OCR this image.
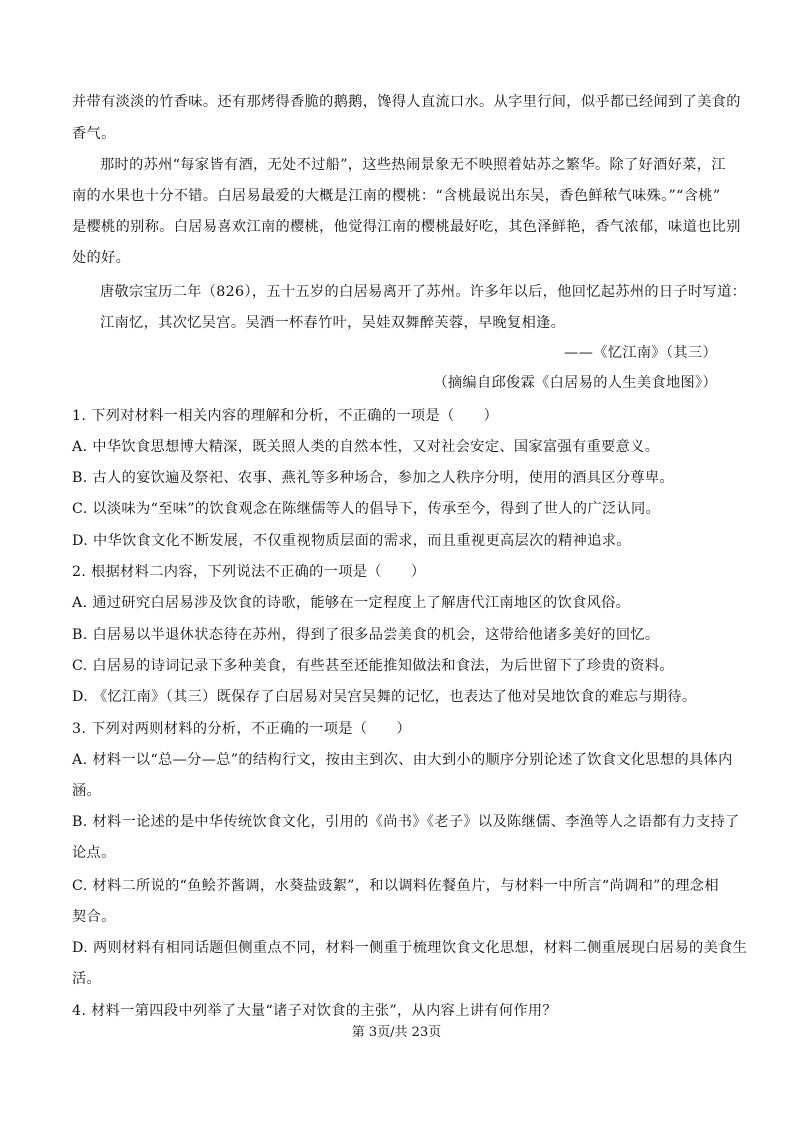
并带有淡淡的竹香味。还有那烤得香脆的鹅鹅，馋得人直流口水。从字里行间，似乎都已经闻到了美食的
香气。
那时的苏州“每家皆有酒，无处不过船”，这些热闹景象无不映照着姑苏之繁华。除了好酒好菜，江
南的水果也十分不错。白居易最爱的大概是江南的樱桃：“含桃最说出东吴，香色鲜秾气味殊。”“含桃”
是樱桃的别称。白居易喜欢江南的樱桃，他觉得江南的樱桃最好吃，其色泽鲜艳，香气浓郁，味道也比别
处的好。
唐敬宗宝历二年（826），五十五岁的白居易离开了苏州。许多年以后，他回忆起苏州的日子时写道：
江南忆，其次忆吴宫。吴酒一杯春竹叶，吴娃双舞醉芙蓉，早晚复相逢。
——《忆江南》（其三）
（摘编自邱俊霖《白居易的人生美食地图》）
1. 下列对材料一相关内容的理解和分析，不正确的一项是（　　）
A. 中华饮食思想博大精深，既关照人类的自然本性，又对社会安定、国家富强有重要意义。
B. 古人的宴饮遍及祭祀、农事、燕礼等多种场合，参加之人秩序分明，使用的酒具区分尊卑。
C. 以淡味为“至味”的饮食观念在陈继儒等人的倡导下，传承至今，得到了世人的广泛认同。
D. 中华饮食文化不断发展，不仅重视物质层面的需求，而且重视更高层次的精神追求。
2. 根据材料二内容，下列说法不正确的一项是（　　）
A. 通过研究白居易涉及饮食的诗歌，能够在一定程度上了解唐代江南地区的饮食风俗。
B. 白居易以半退休状态待在苏州，得到了很多品尝美食的机会，这带给他诸多美好的回忆。
C. 白居易的诗词记录下多种美食，有些甚至还能推知做法和食法，为后世留下了珍贵的资料。
D. 《忆江南》（其三）既保存了白居易对吴宫吴舞的记忆，也表达了他对吴地饮食的难忘与期待。
3. 下列对两则材料的分析，不正确的一项是（　　）
A. 材料一以“总—分—总”的结构行文，按由主到次、由大到小的顺序分别论述了饮食文化思想的具体内
涵。
B. 材料一论述的是中华传统饮食文化，引用的《尚书》《老子》以及陈继儒、李渔等人之语都有力支持了
论点。
C. 材料二所说的“鱼鲙芥酱调，水葵盐豉絮”，和以调料佐餐鱼片，与材料一中所言“尚调和”的理念相
契合。
D. 两则材料有相同话题但侧重点不同，材料一侧重于梳理饮食文化思想，材料二侧重展现白居易的美食生
活。
4. 材料一第四段中列举了大量“诸子对饮食的主张”，从内容上讲有何作用？
第 3页/共 23页
